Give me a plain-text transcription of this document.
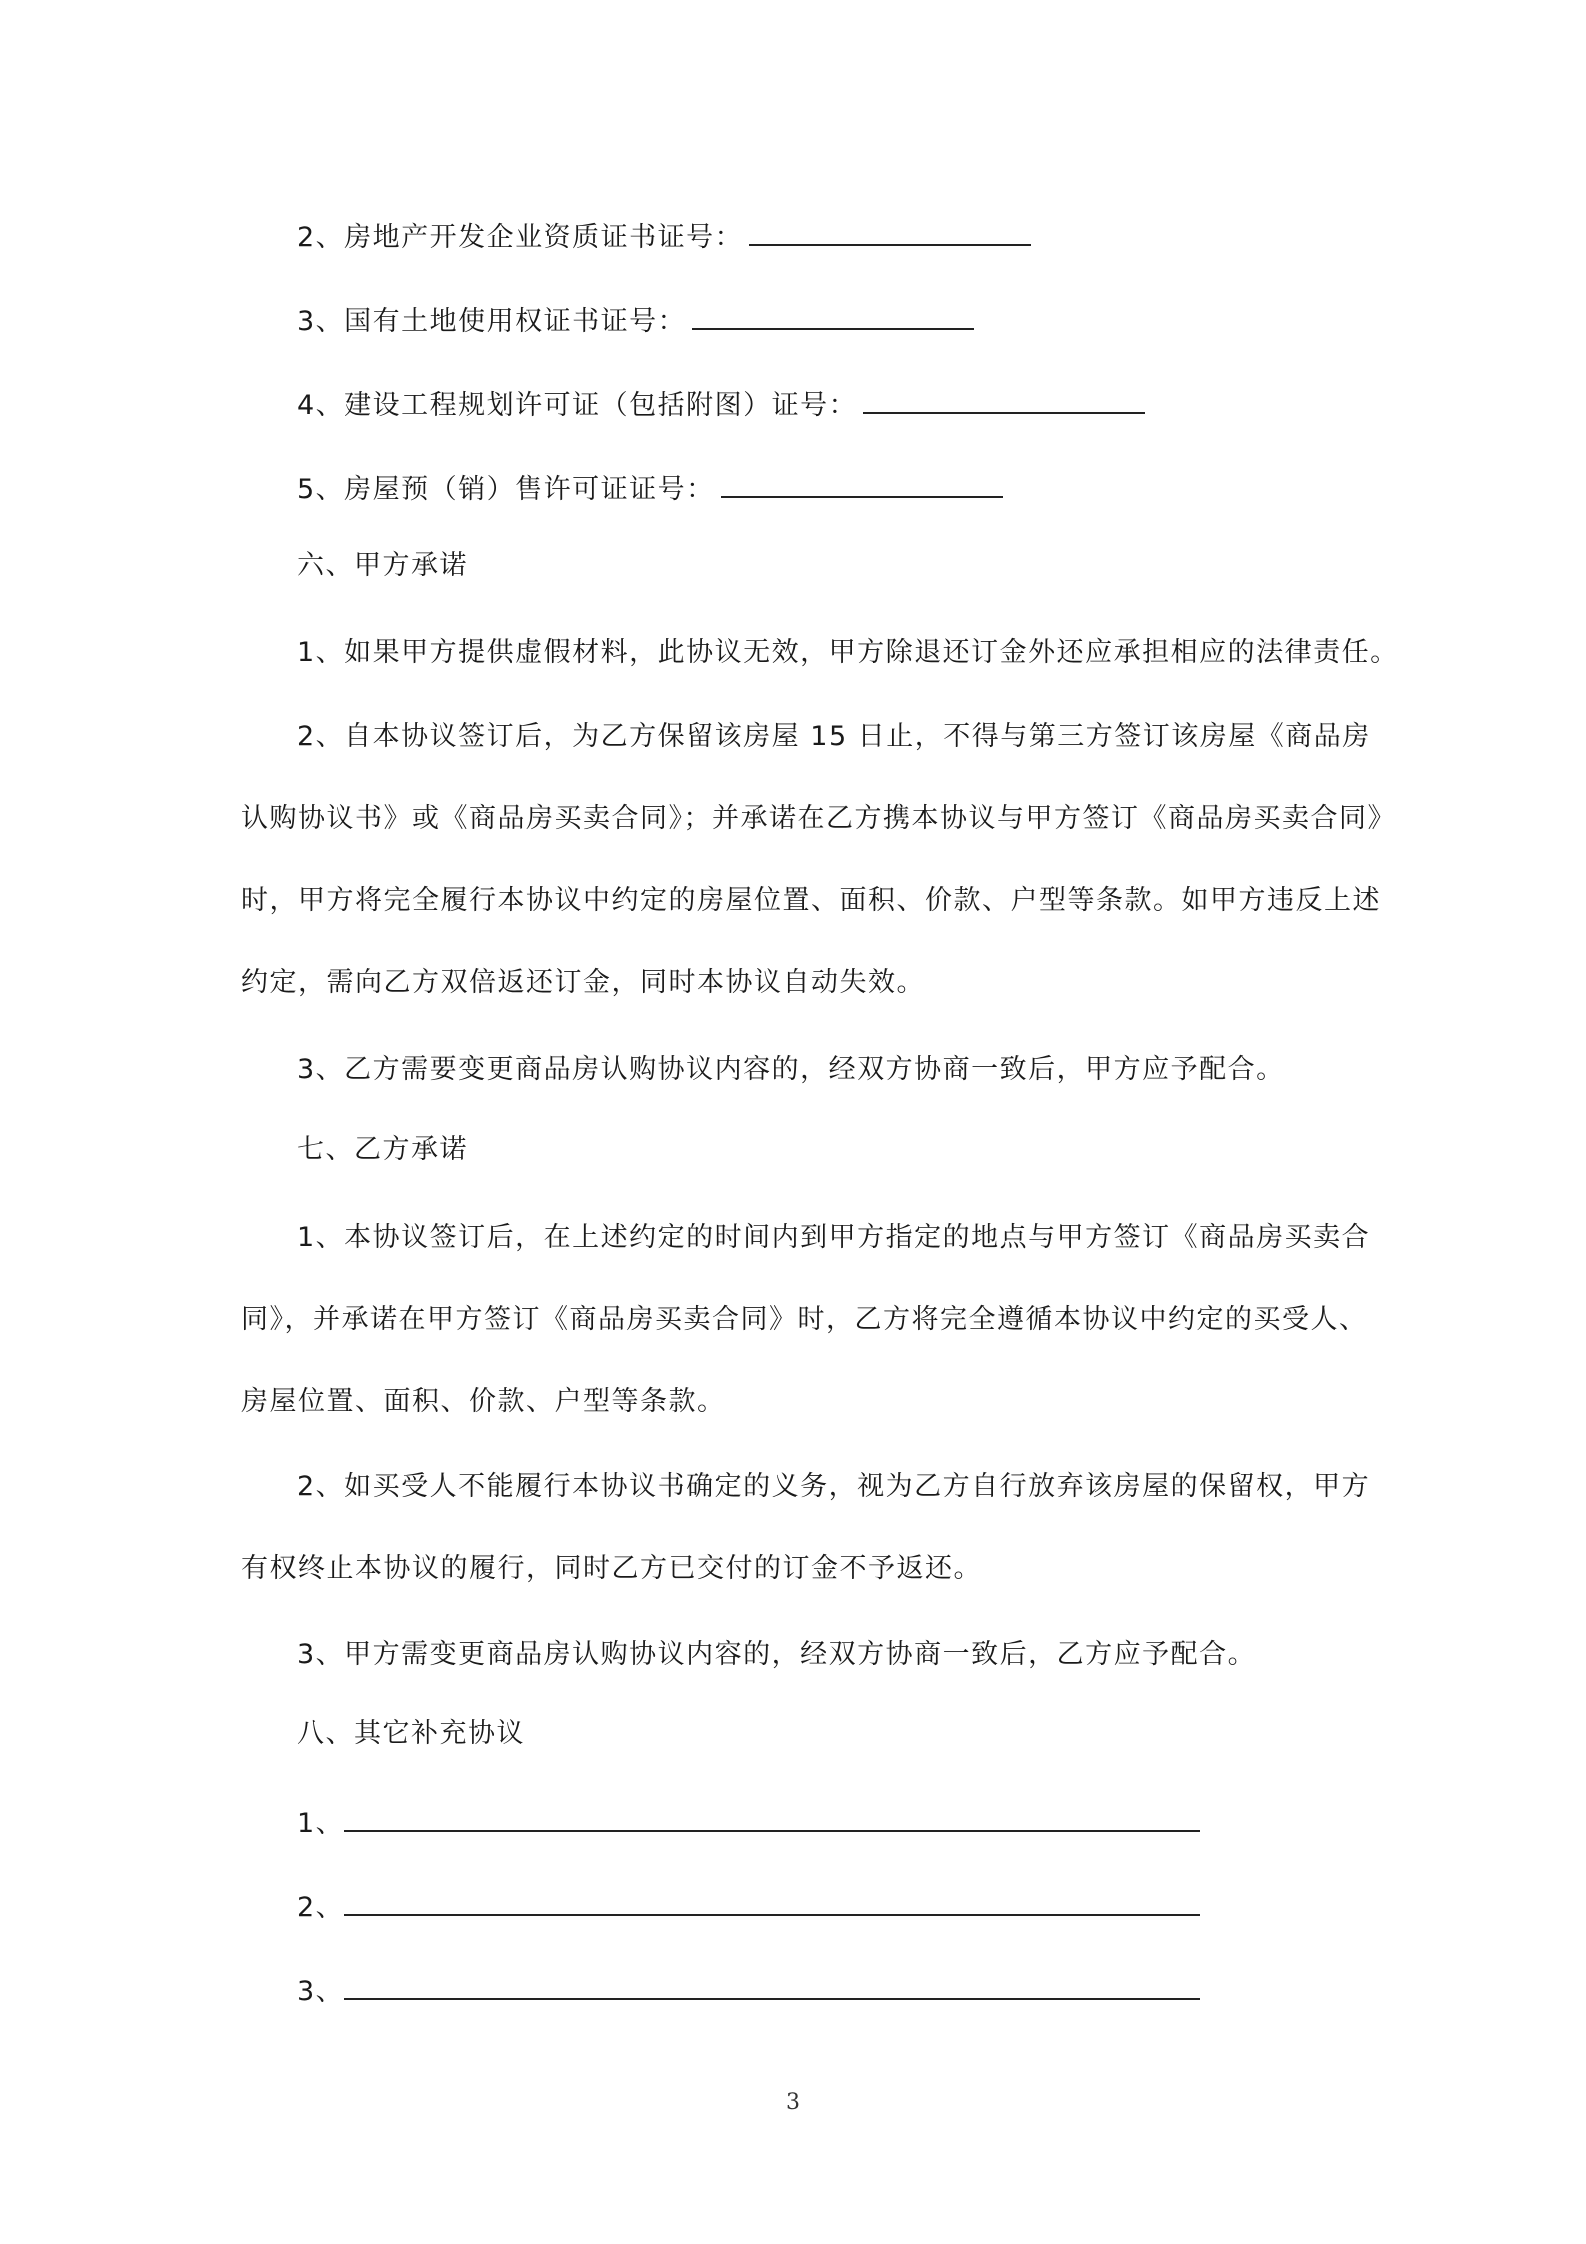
2、房地产开发企业资质证书证号：
3、国有土地使用权证书证号：
4、建设工程规划许可证（包括附图）证号：
5、房屋预（销）售许可证证号：
六、甲方承诺
1、如果甲方提供虚假材料，此协议无效，甲方除退还订金外还应承担相应的法律责任。
2、自本协议签订后，为乙方保留该房屋 15 日止，不得与第三方签订该房屋《商品房
认购协议书》或《商品房买卖合同》；并承诺在乙方携本协议与甲方签订《商品房买卖合同》
时，甲方将完全履行本协议中约定的房屋位置、面积、价款、户型等条款。如甲方违反上述
约定，需向乙方双倍返还订金，同时本协议自动失效。
3、乙方需要变更商品房认购协议内容的，经双方协商一致后，甲方应予配合。
七、乙方承诺
1、本协议签订后，在上述约定的时间内到甲方指定的地点与甲方签订《商品房买卖合
同》，并承诺在甲方签订《商品房买卖合同》时，乙方将完全遵循本协议中约定的买受人、
房屋位置、面积、价款、户型等条款。
2、如买受人不能履行本协议书确定的义务，视为乙方自行放弃该房屋的保留权，甲方
有权终止本协议的履行，同时乙方已交付的订金不予返还。
3、甲方需变更商品房认购协议内容的，经双方协商一致后，乙方应予配合。
八、其它补充协议
1、
2、
3、
3
